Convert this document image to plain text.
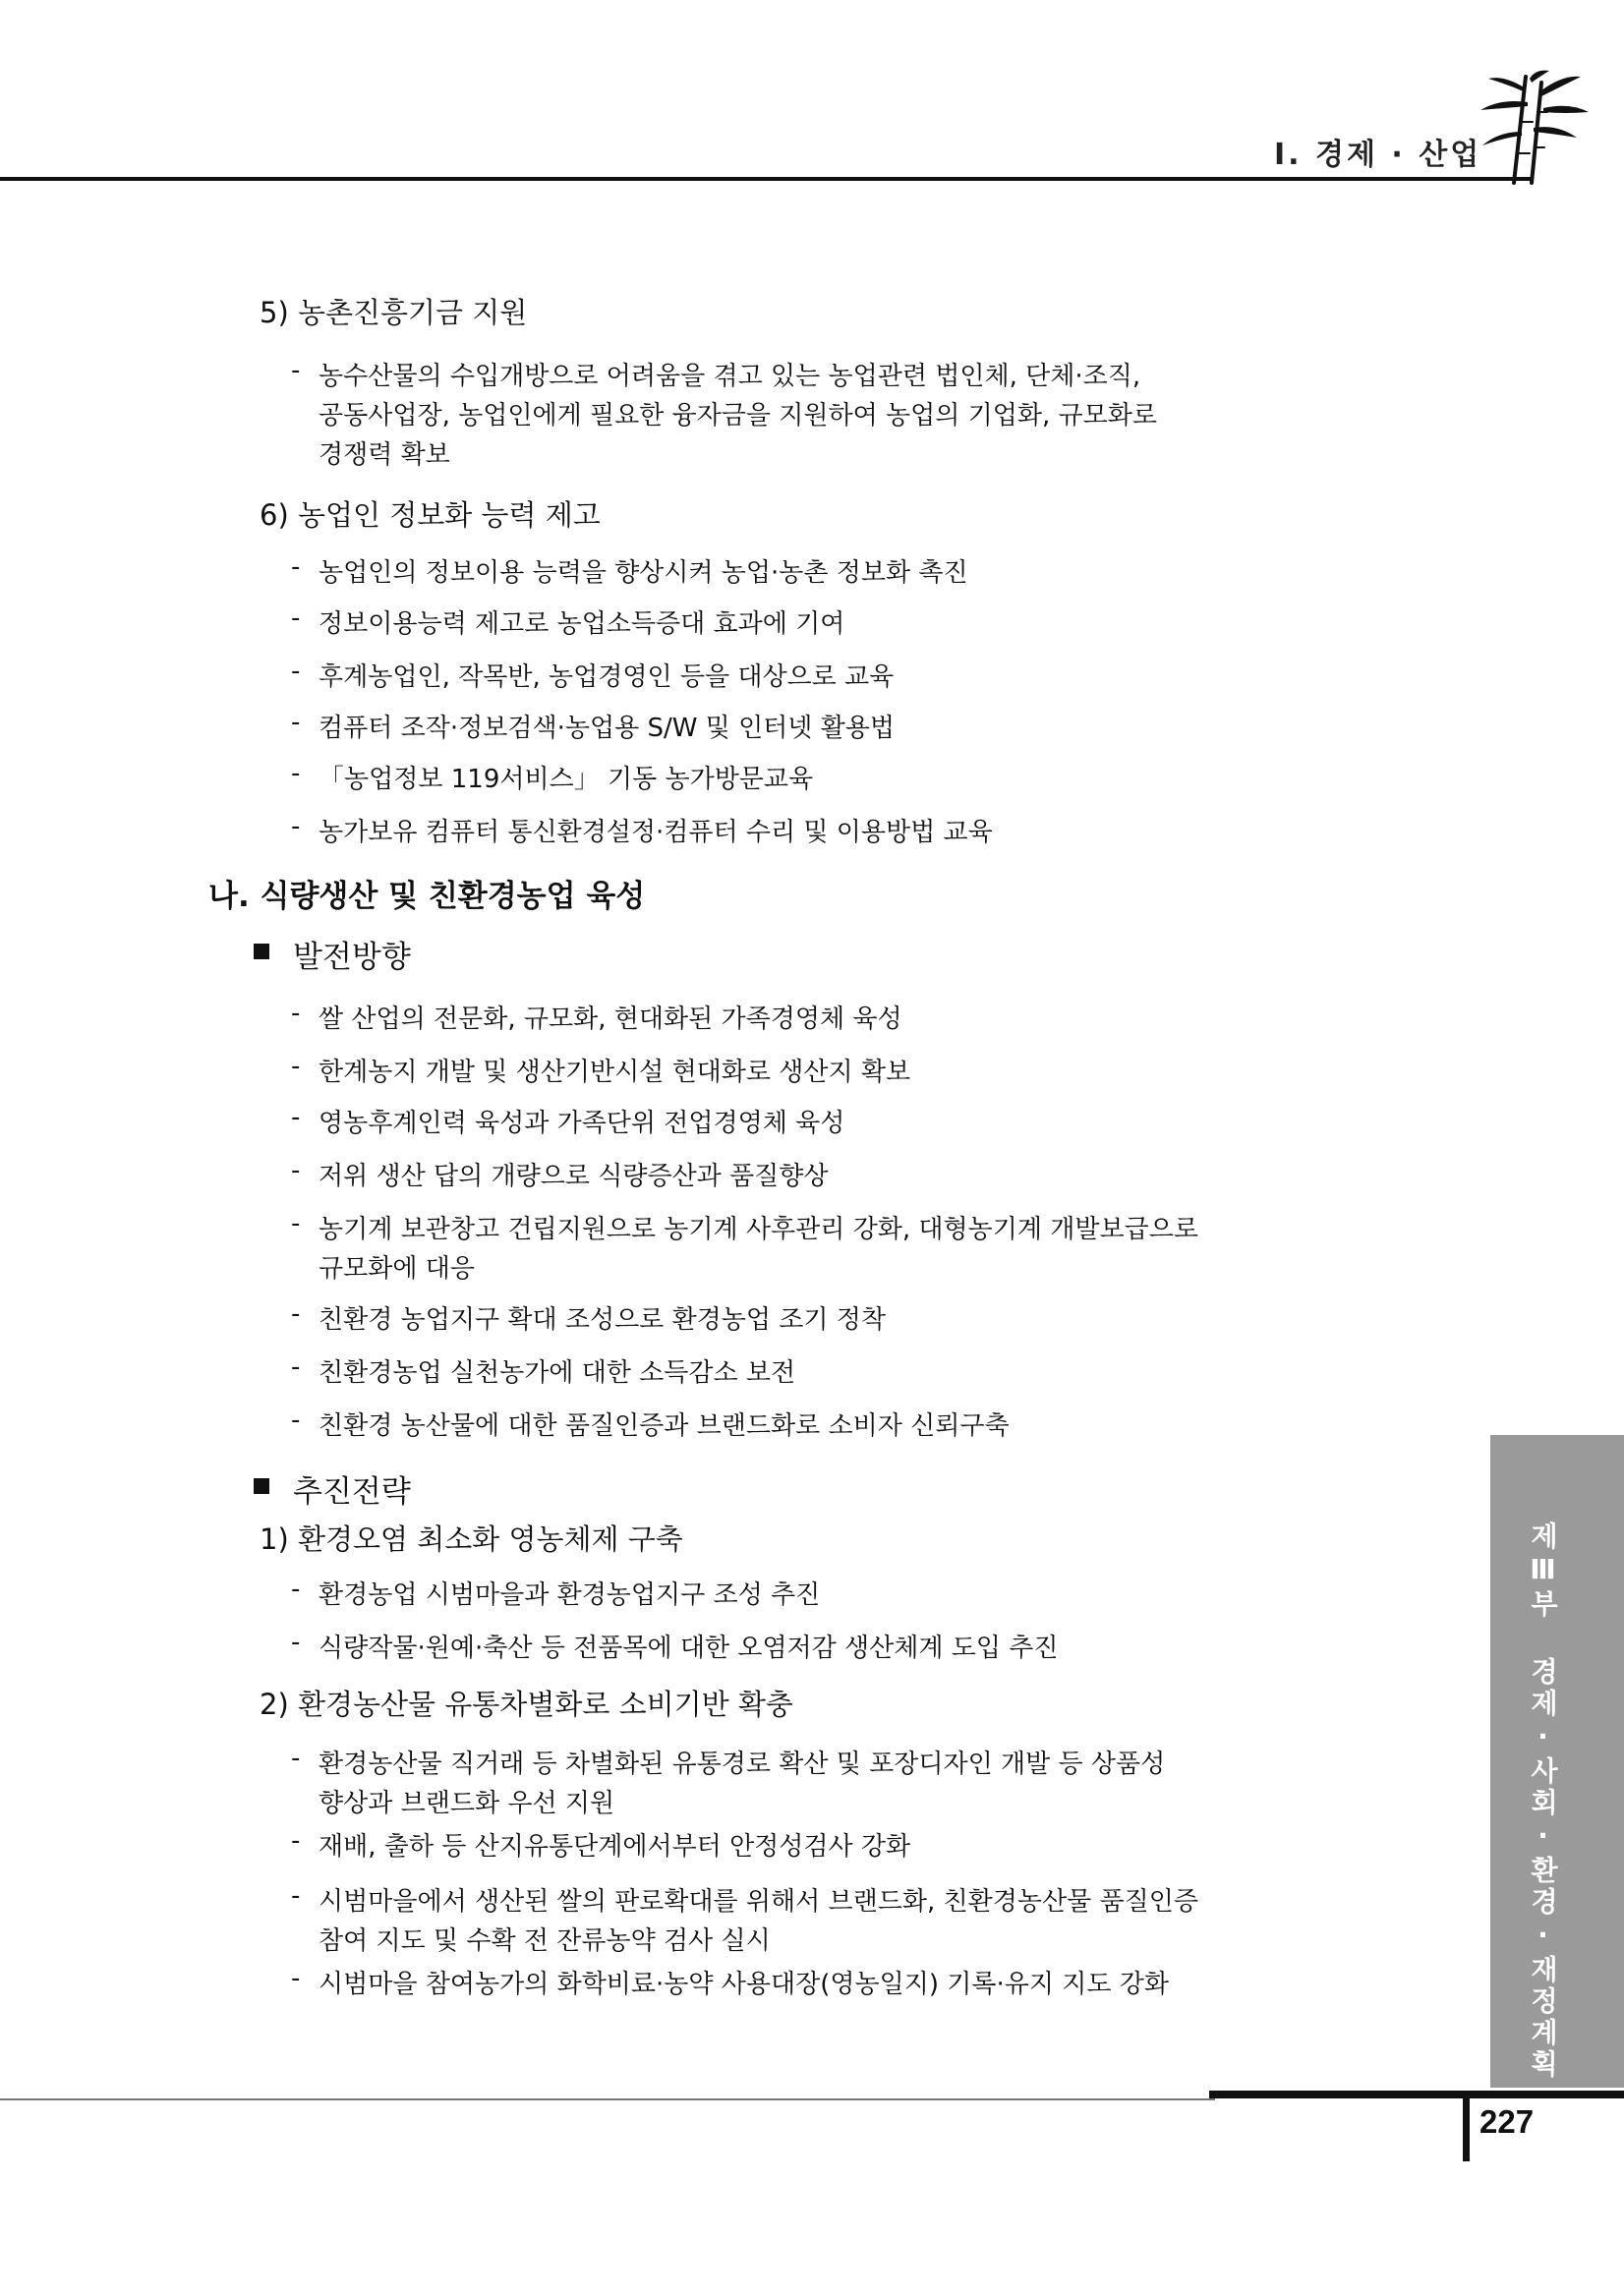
Ⅰ. 경제 · 산업
5) 농촌진흥기금 지원
- 농수산물의 수입개방으로 어려움을 겪고 있는 농업관련 법인체, 단체·조직,
공동사업장, 농업인에게 필요한 융자금을 지원하여 농업의 기업화, 규모화로
경쟁력 확보
6) 농업인 정보화 능력 제고
- 농업인의 정보이용 능력을 향상시켜 농업·농촌 정보화 촉진
- 정보이용능력 제고로 농업소득증대 효과에 기여
- 후계농업인, 작목반, 농업경영인 등을 대상으로 교육
- 컴퓨터 조작·정보검색·농업용 S/W 및 인터넷 활용법
- 「농업정보 119서비스」 기동 농가방문교육
- 농가보유 컴퓨터 통신환경설정·컴퓨터 수리 및 이용방법 교육
나. 식량생산 및 친환경농업 육성
발전방향
- 쌀 산업의 전문화, 규모화, 현대화된 가족경영체 육성
- 한계농지 개발 및 생산기반시설 현대화로 생산지 확보
- 영농후계인력 육성과 가족단위 전업경영체 육성
- 저위 생산 답의 개량으로 식량증산과 품질향상
- 농기계 보관창고 건립지원으로 농기계 사후관리 강화, 대형농기계 개발보급으로
규모화에 대응
- 친환경 농업지구 확대 조성으로 환경농업 조기 정착
- 친환경농업 실천농가에 대한 소득감소 보전
- 친환경 농산물에 대한 품질인증과 브랜드화로 소비자 신뢰구축
추진전략
1) 환경오염 최소화 영농체제 구축
- 환경농업 시범마을과 환경농업지구 조성 추진
- 식량작물·원예·축산 등 전품목에 대한 오염저감 생산체계 도입 추진
2) 환경농산물 유통차별화로 소비기반 확충
- 환경농산물 직거래 등 차별화된 유통경로 확산 및 포장디자인 개발 등 상품성
향상과 브랜드화 우선 지원
- 재배, 출하 등 산지유통단계에서부터 안정성검사 강화
- 시범마을에서 생산된 쌀의 판로확대를 위해서 브랜드화, 친환경농산물 품질인증
참여 지도 및 수확 전 잔류농약 검사 실시
- 시범마을 참여농가의 화학비료·농약 사용대장(영농일지) 기록·유지 지도 강화	제Ⅲ부 경제·사회·환경·재정계획
227
